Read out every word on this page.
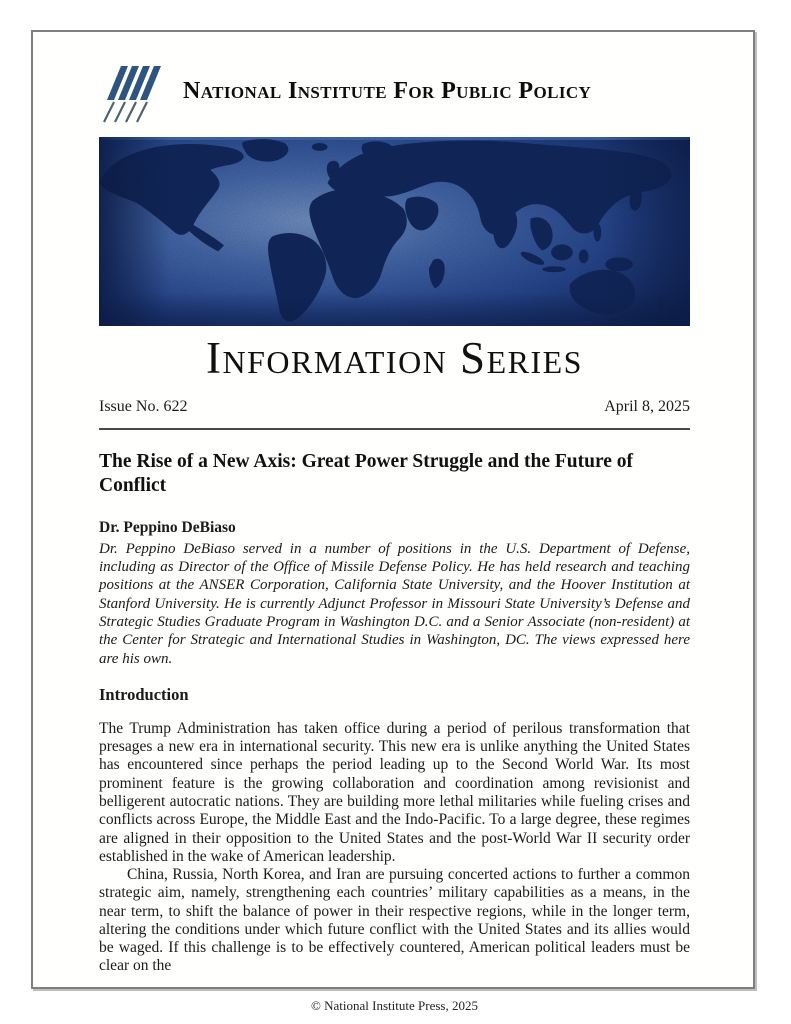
National Institute For Public Policy
Information Series
Issue No. 622	April 8, 2025
The Rise of a New Axis: Great Power Struggle and the Future of Conflict
Dr. Peppino DeBiaso
Dr. Peppino DeBiaso served in a number of positions in the U.S. Department of Defense, including as Director of the Office of Missile Defense Policy. He has held research and teaching positions at the ANSER Corporation, California State University, and the Hoover Institution at Stanford University. He is currently Adjunct Professor in Missouri State University’s Defense and Strategic Studies Graduate Program in Washington D.C. and a Senior Associate (non-resident) at the Center for Strategic and International Studies in Washington, DC. The views expressed here are his own.
Introduction

The Trump Administration has taken office during a period of perilous transformation that presages a new era in international security. This new era is unlike anything the United States has encountered since perhaps the period leading up to the Second World War. Its most prominent feature is the growing collaboration and coordination among revisionist and belligerent autocratic nations. They are building more lethal militaries while fueling crises and conflicts across Europe, the Middle East and the Indo-Pacific. To a large degree, these regimes are aligned in their opposition to the United States and the post-World War II security order established in the wake of American leadership.

China, Russia, North Korea, and Iran are pursuing concerted actions to further a common strategic aim, namely, strengthening each countries’ military capabilities as a means, in the near term, to shift the balance of power in their respective regions, while in the longer term, altering the conditions under which future conflict with the United States and its allies would be waged. If this challenge is to be effectively countered, American political leaders must be clear on the

© National Institute Press, 2025
